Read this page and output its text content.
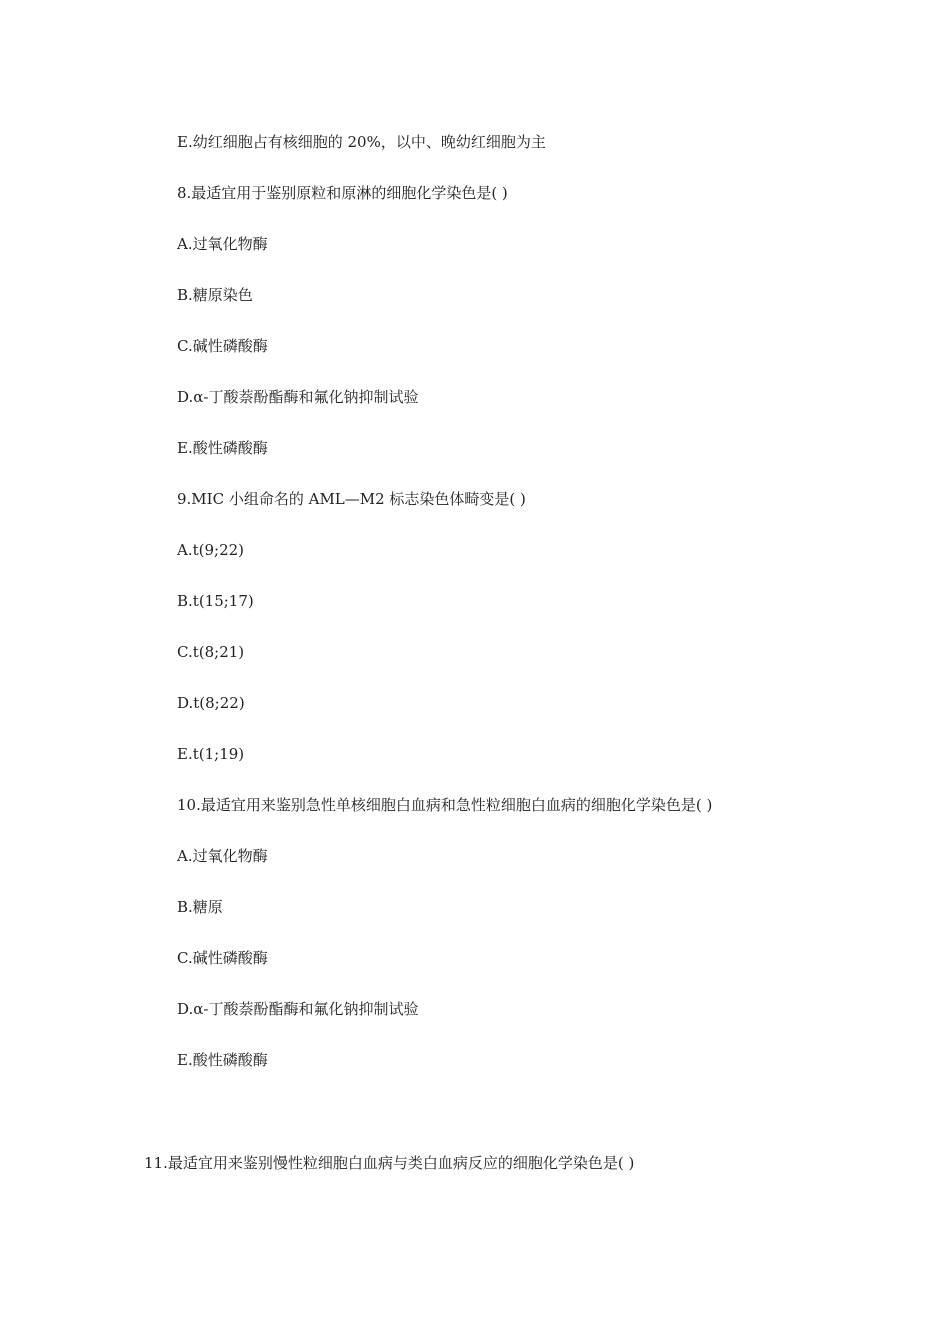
E.幼红细胞占有核细胞的 20%，以中、晚幼红细胞为主
8.最适宜用于鉴别原粒和原淋的细胞化学染色是( )
A.过氧化物酶
B.糖原染色
C.碱性磷酸酶
D.α-丁酸萘酚酯酶和氟化钠抑制试验
E.酸性磷酸酶
9.MIC 小组命名的 AML—M2 标志染色体畸变是( )
A.t(9;22)
B.t(15;17)
C.t(8;21)
D.t(8;22)
E.t(1;19)
10.最适宜用来鉴别急性单核细胞白血病和急性粒细胞白血病的细胞化学染色是( )
A.过氧化物酶
B.糖原
C.碱性磷酸酶
D.α-丁酸萘酚酯酶和氟化钠抑制试验
E.酸性磷酸酶
11.最适宜用来鉴别慢性粒细胞白血病与类白血病反应的细胞化学染色是( )
